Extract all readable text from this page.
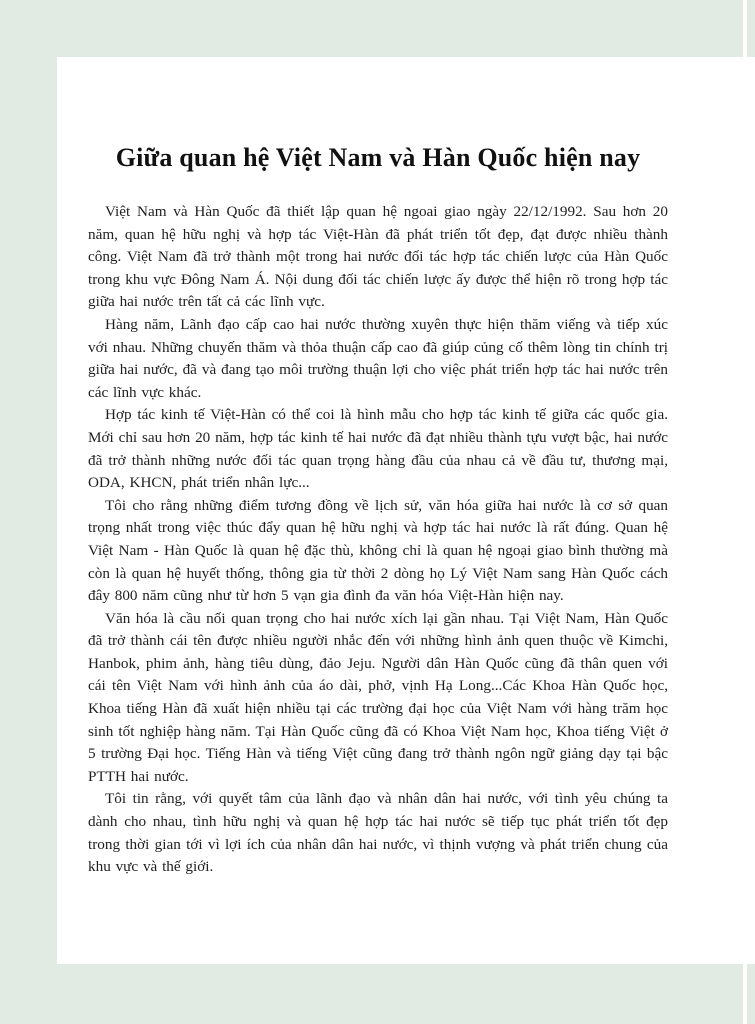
Giữa quan hệ Việt Nam và Hàn Quốc hiện nay

Việt Nam và Hàn Quốc đã thiết lập quan hệ ngoai giao ngày 22/12/1992. Sau hơn 20 năm, quan hệ hữu nghị và hợp tác Việt-Hàn đã phát triển tốt đẹp, đạt được nhiều thành công. Việt Nam đã trở thành một trong hai nước đối tác hợp tác chiến lược của Hàn Quốc trong khu vực Đông Nam Á. Nội dung đối tác chiến lược ấy được thể hiện rõ trong hợp tác giữa hai nước trên tất cả các lĩnh vực.

Hàng năm, Lãnh đạo cấp cao hai nước thường xuyên thực hiện thăm viếng và tiếp xúc với nhau. Những chuyến thăm và thỏa thuận cấp cao đã giúp củng cố thêm lòng tin chính trị giữa hai nước, đã và đang tạo môi trường thuận lợi cho việc phát triển hợp tác hai nước trên các lĩnh vực khác.

Hợp tác kinh tế Việt-Hàn có thể coi là hình mẫu cho hợp tác kinh tế giữa các quốc gia. Mới chỉ sau hơn 20 năm, hợp tác kinh tế hai nước đã đạt nhiều thành tựu vượt bậc, hai nước đã trở thành những nước đối tác quan trọng hàng đầu của nhau cả về đầu tư, thương mại, ODA, KHCN, phát triển nhân lực...

Tôi cho rằng những điểm tương đồng về lịch sử, văn hóa giữa hai nước là cơ sở quan trọng nhất trong việc thúc đẩy quan hệ hữu nghị và hợp tác hai nước là rất đúng. Quan hệ Việt Nam - Hàn Quốc là quan hệ đặc thù, không chỉ là quan hệ ngoại giao bình thường mà còn là quan hệ huyết thống, thông gia từ thời 2 dòng họ Lý Việt Nam sang Hàn Quốc cách đây 800 năm cũng như từ hơn 5 vạn gia đình đa văn hóa Việt-Hàn hiện nay.

Văn hóa là cầu nối quan trọng cho hai nước xích lại gần nhau. Tại Việt Nam, Hàn Quốc đã trở thành cái tên được nhiều người nhắc đến với những hình ảnh quen thuộc về Kimchi, Hanbok, phim ảnh, hàng tiêu dùng, đảo Jeju. Người dân Hàn Quốc cũng đã thân quen với cái tên Việt Nam với hình ảnh của áo dài, phở, vịnh Hạ Long...Các Khoa Hàn Quốc học, Khoa tiếng Hàn đã xuất hiện nhiều tại các trường đại học của Việt Nam với hàng trăm học sinh tốt nghiệp hàng năm. Tại Hàn Quốc cũng đã có Khoa Việt Nam học, Khoa tiếng Việt ở 5 trường Đại học. Tiếng Hàn và tiếng Việt cũng đang trở thành ngôn ngữ giảng dạy tại bậc PTTH hai nước.

Tôi tin rằng, với quyết tâm của lãnh đạo và nhân dân hai nước, với tình yêu chúng ta dành cho nhau, tình hữu nghị và quan hệ hợp tác hai nước sẽ tiếp tục phát triển tốt đẹp trong thời gian tới vì lợi ích của nhân dân hai nước, vì thịnh vượng và phát triển chung của khu vực và thế giới.
